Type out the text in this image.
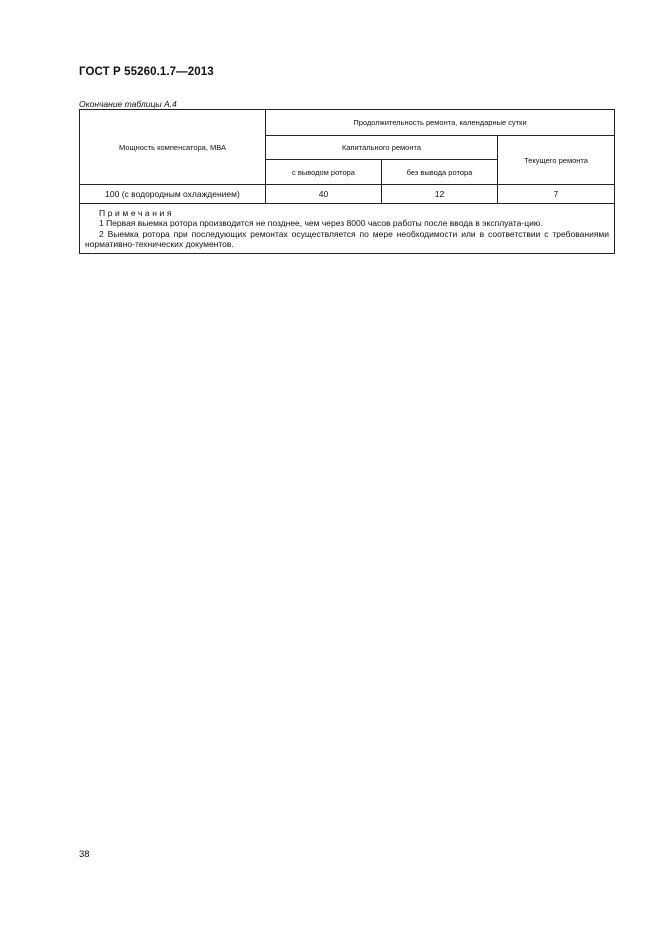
ГОСТ Р 55260.1.7—2013
Окончание таблицы А.4
Мощность компенсатора, МВА	Продолжительность ремонта, календарные сутки		
	Капитального ремонта		Текущего ремонта
	с выводом ротора	без вывода ротора	
100 (с водородным охлаждением)	40	12	7

Примечания
1 Первая выемка ротора производится не позднее, чем через 8000 часов работы после ввода в эксплуата-цию.
2 Выемка ротора при последующих ремонтах осуществляется по мере необходимости или в соответствии с требованиями нормативно-технических документов.			
38
